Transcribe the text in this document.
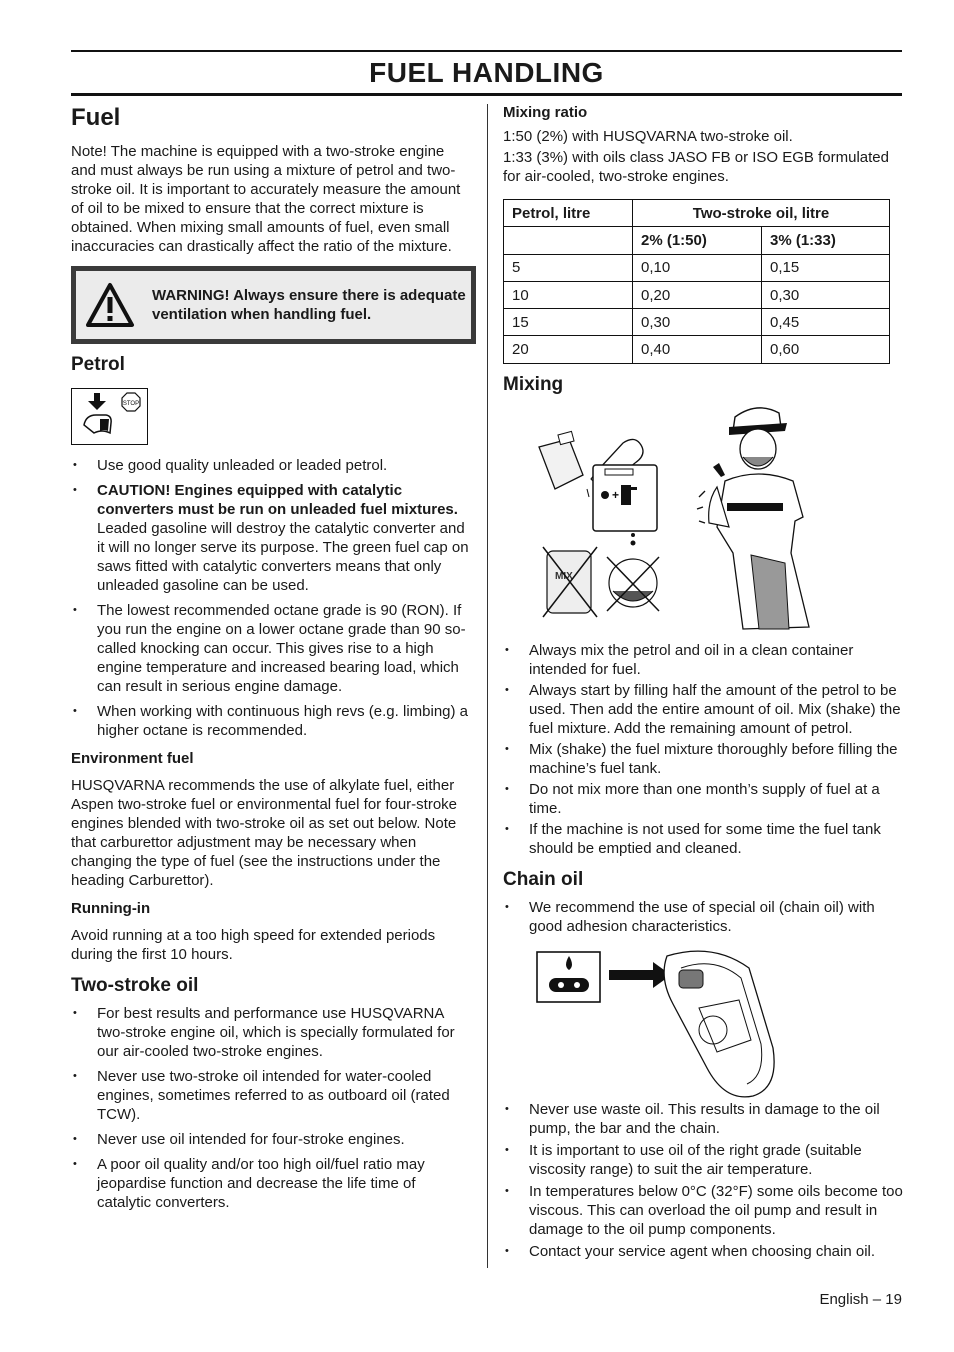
FUEL HANDLING
Fuel

Note! The machine is equipped with a two-stroke engine and must always be run using a mixture of petrol and two-stroke oil. It is important to accurately measure the amount of oil to be mixed to ensure that the correct mixture is obtained. When mixing small amounts of fuel, even small inaccuracies can drastically affect the ratio of the mixture.

WARNING! Always ensure there is adequate ventilation when handling fuel.
Petrol
STOP
• Use good quality unleaded or leaded petrol.
• CAUTION! Engines equipped with catalytic converters must be run on unleaded fuel mixtures. Leaded gasoline will destroy the catalytic converter and it will no longer serve its purpose. The green fuel cap on saws fitted with catalytic converters means that only unleaded gasoline can be used.
• The lowest recommended octane grade is 90 (RON). If you run the engine on a lower octane grade than 90 so-called knocking can occur. This gives rise to a high engine temperature and increased bearing load, which can result in serious engine damage.
• When working with continuous high revs (e.g. limbing) a higher octane is recommended.
Environment fuel

HUSQVARNA recommends the use of alkylate fuel, either Aspen two-stroke fuel or environmental fuel for four-stroke engines blended with two-stroke oil as set out below. Note that carburettor adjustment may be necessary when changing the type of fuel (see the instructions under the heading Carburettor).

Running-in

Avoid running at a too high speed for extended periods during the first 10 hours.

Two-stroke oil
• For best results and performance use HUSQVARNA two-stroke engine oil, which is specially formulated for our air-cooled two-stroke engines.
• Never use two-stroke oil intended for water-cooled engines, sometimes referred to as outboard oil (rated TCW).
• Never use oil intended for four-stroke engines.
• A poor oil quality and/or too high oil/fuel ratio may jeopardise function and decrease the life time of catalytic converters.
Mixing ratio

1:50 (2%) with HUSQVARNA two-stroke oil.

1:33 (3%) with oils class JASO FB or ISO EGB formulated for air-cooled, two-stroke engines.

Petrol, litre	Two-stroke oil, litre	
	2% (1:50)	3% (1:33)
5	0,10	0,15
10	0,20	0,30
15	0,30	0,45
20	0,40	0,60
Mixing
+
MIX
• Always mix the petrol and oil in a clean container intended for fuel.
• Always start by filling half the amount of the petrol to be used. Then add the entire amount of oil. Mix (shake) the fuel mixture. Add the remaining amount of petrol.
• Mix (shake) the fuel mixture thoroughly before filling the machine’s fuel tank.
• Do not mix more than one month’s supply of fuel at a time.
• If the machine is not used for some time the fuel tank should be emptied and cleaned.
Chain oil
• We recommend the use of special oil (chain oil) with good adhesion characteristics.
• Never use waste oil. This results in damage to the oil pump, the bar and the chain.
• It is important to use oil of the right grade (suitable viscosity range) to suit the air temperature.
• In temperatures below 0°C (32°F) some oils become too viscous. This can overload the oil pump and result in damage to the oil pump components.
• Contact your service agent when choosing chain oil.
English – 19
